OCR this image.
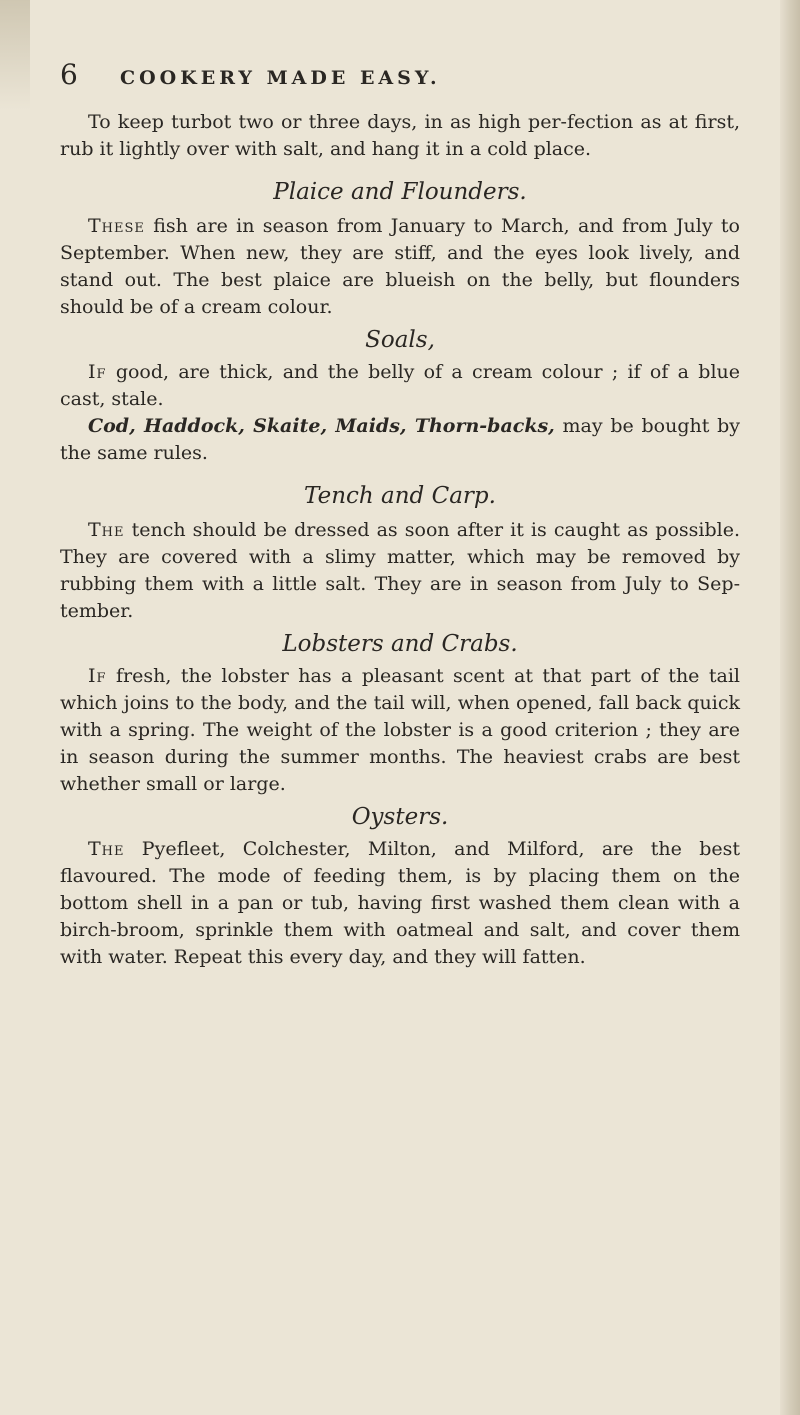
6	COOKERY MADE EASY.

To keep turbot two or three days, in as high per-fection as at first, rub it lightly over with salt, and hang it in a cold place.

Plaice and Flounders.

These fish are in season from January to March, and from July to September. When new, they are stiff, and the eyes look lively, and stand out. The best plaice are blueish on the belly, but flounders should be of a cream colour.

Soals,

If good, are thick, and the belly of a cream colour ; if of a blue cast, stale.

Cod, Haddock, Skaite, Maids, Thorn-backs, may be bought by the same rules.

Tench and Carp.

The tench should be dressed as soon after it is caught as possible. They are covered with a slimy matter, which may be removed by rubbing them with a little salt. They are in season from July to Sep-tember.

Lobsters and Crabs.

If fresh, the lobster has a pleasant scent at that part of the tail which joins to the body, and the tail will, when opened, fall back quick with a spring. The weight of the lobster is a good criterion ; they are in season during the summer months. The heaviest crabs are best whether small or large.

Oysters.

The Pyefleet, Colchester, Milton, and Milford, are the best flavoured. The mode of feeding them, is by placing them on the bottom shell in a pan or tub, having first washed them clean with a birch-broom, sprinkle them with oatmeal and salt, and cover them with water. Repeat this every day, and they will fatten.
